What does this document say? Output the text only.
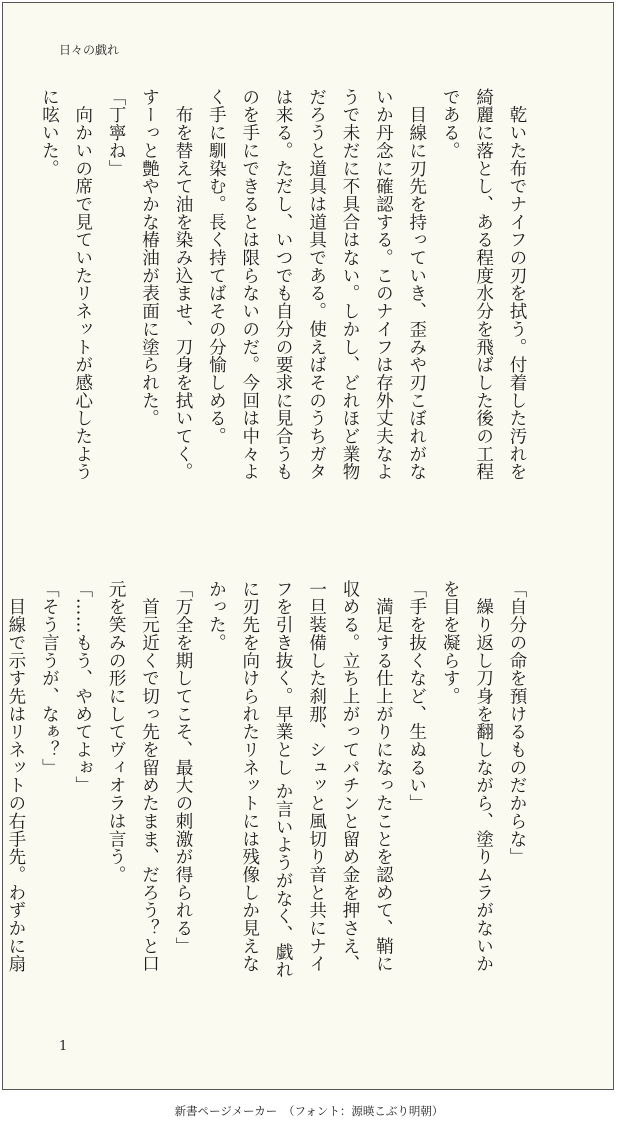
日々の戯れ
　乾いた布でナイフの刃を拭う。付着した汚れを
綺麗に落とし、ある程度水分を飛ばした後の工程
である。
　目線に刃先を持っていき、歪みや刃こぼれがな
いか丹念に確認する。このナイフは存外丈夫なよ
うで未だに不具合はない。しかし、どれほど業物
だろうと道具は道具である。使えばそのうちガタ
は来る。ただし、いつでも自分の要求に見合うも
のを手にできるとは限らないのだ。今回は中々よ
く手に馴染む。長く持てばその分愉しめる。
　布を替えて油を染み込ませ、刀身を拭いてく。
すーっと艶やかな椿油が表面に塗られた。
「丁寧ね」
　向かいの席で見ていたリネットが感心したよう
に呟いた。
「自分の命を預けるものだからな」
　繰り返し刀身を翻しながら、塗りムラがないか
を目を凝らす。
「手を抜くなど、生ぬるい」
　満足する仕上がりになったことを認めて、鞘に
収める。立ち上がってパチンと留め金を押さえ、
一旦装備した刹那、シュッと風切り音と共にナイ
フを引き抜く。早業とし か言いようがなく、戯れ
に刃先を向けられたリネットには残像しか見えな
かった。
「万全を期してこそ、最大の刺激が得られる」
　首元近くで切っ先を留めたまま、だろう？と口
元を笑みの形にしてヴィオラは言う。
「……もう、やめてよぉ」
「そう言うが、なぁ？」
　目線で示す先はリネットの右手先。わずかに扇
1
新書ページメーカー　（フォント：源暎こぶり明朝）
